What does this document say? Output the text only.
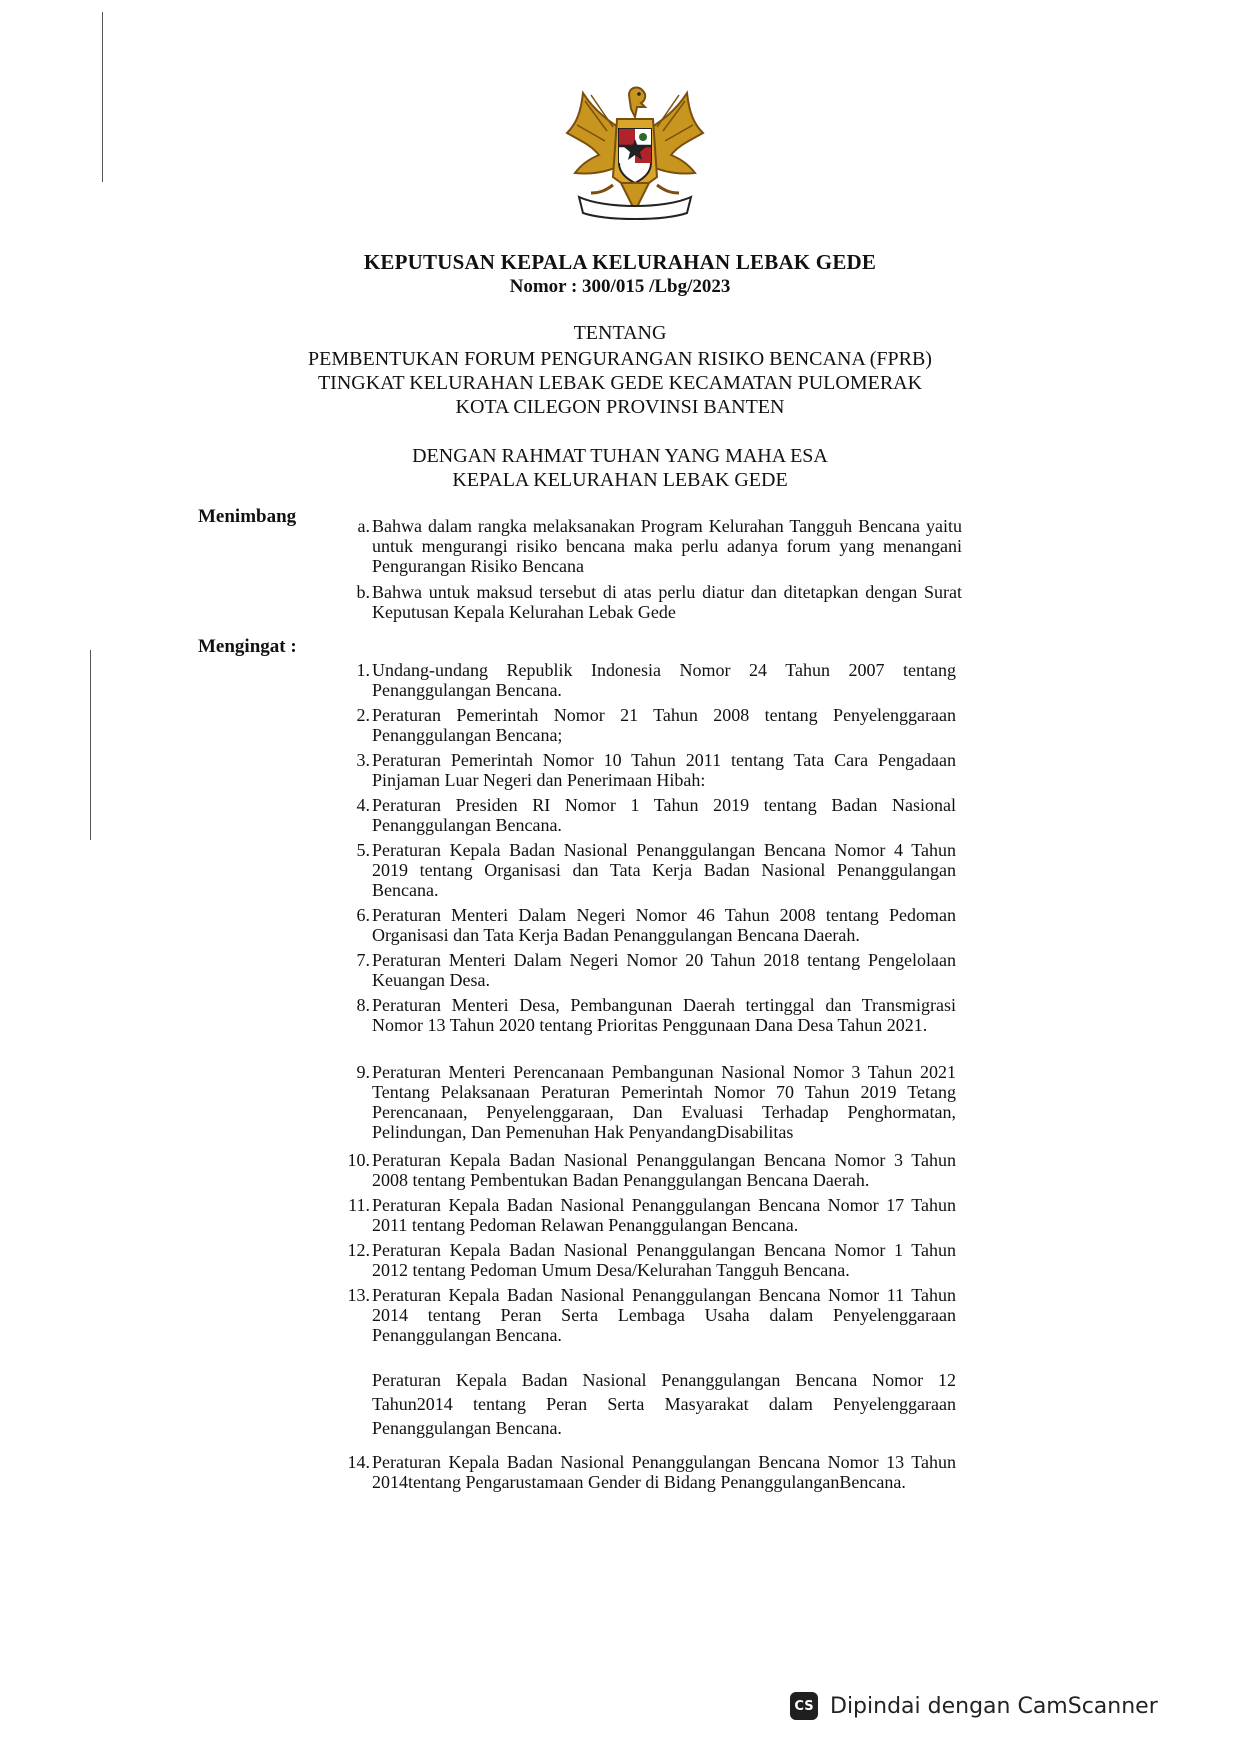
KEPUTUSAN KEPALA KELURAHAN LEBAK GEDE
Nomor : 300/015 /Lbg/2023
TENTANG
PEMBENTUKAN FORUM PENGURANGAN RISIKO BENCANA (FPRB)
TINGKAT KELURAHAN LEBAK GEDE KECAMATAN PULOMERAK
KOTA CILEGON PROVINSI BANTEN
DENGAN RAHMAT TUHAN YANG MAHA ESA
KEPALA KELURAHAN LEBAK GEDE
Menimbang	a. Bahwa dalam rangka melaksanakan Program Kelurahan Tangguh Bencana yaitu untuk mengurangi risiko bencana maka perlu adanya forum yang menangani Pengurangan Risiko Bencana
b. Bahwa untuk maksud tersebut di atas perlu diatur dan ditetapkan dengan Surat Keputusan Kepala Kelurahan Lebak Gede
Mengingat :
1. Undang-undang Republik Indonesia Nomor 24 Tahun 2007 tentang Penanggulangan Bencana.
2. Peraturan Pemerintah Nomor 21 Tahun 2008 tentang Penyelenggaraan Penanggulangan Bencana;
3. Peraturan Pemerintah Nomor 10 Tahun 2011 tentang Tata Cara Pengadaan Pinjaman Luar Negeri dan Penerimaan Hibah:
4. Peraturan Presiden RI Nomor 1 Tahun 2019 tentang Badan Nasional Penanggulangan Bencana.
5. Peraturan Kepala Badan Nasional Penanggulangan Bencana Nomor 4 Tahun 2019 tentang Organisasi dan Tata Kerja Badan Nasional Penanggulangan Bencana.
6. Peraturan Menteri Dalam Negeri Nomor 46 Tahun 2008 tentang Pedoman Organisasi dan Tata Kerja Badan Penanggulangan Bencana Daerah.
7. Peraturan Menteri Dalam Negeri Nomor 20 Tahun 2018 tentang Pengelolaan Keuangan Desa.
8. Peraturan Menteri Desa, Pembangunan Daerah tertinggal dan Transmigrasi Nomor 13 Tahun 2020 tentang Prioritas Penggunaan Dana Desa Tahun 2021.
9. Peraturan Menteri Perencanaan Pembangunan Nasional Nomor 3 Tahun 2021 Tentang Pelaksanaan Peraturan Pemerintah Nomor 70 Tahun 2019 Tetang Perencanaan, Penyelenggaraan, Dan Evaluasi Terhadap Penghormatan, Pelindungan, Dan Pemenuhan Hak PenyandangDisabilitas
10. Peraturan Kepala Badan Nasional Penanggulangan Bencana Nomor 3 Tahun 2008 tentang Pembentukan Badan Penanggulangan Bencana Daerah.
11. Peraturan Kepala Badan Nasional Penanggulangan Bencana Nomor 17 Tahun 2011 tentang Pedoman Relawan Penanggulangan Bencana.
12. Peraturan Kepala Badan Nasional Penanggulangan Bencana Nomor 1 Tahun 2012 tentang Pedoman Umum Desa/Kelurahan Tangguh Bencana.
13. Peraturan Kepala Badan Nasional Penanggulangan Bencana Nomor 11 Tahun 2014 tentang Peran Serta Lembaga Usaha dalam Penyelenggaraan Penanggulangan Bencana.
Peraturan Kepala Badan Nasional Penanggulangan Bencana Nomor 12 Tahun2014 tentang Peran Serta Masyarakat dalam Penyelenggaraan Penanggulangan Bencana.
14. Peraturan Kepala Badan Nasional Penanggulangan Bencana Nomor 13 Tahun 2014tentang Pengarustamaan Gender di Bidang PenanggulanganBencana.
CS Dipindai dengan CamScanner
